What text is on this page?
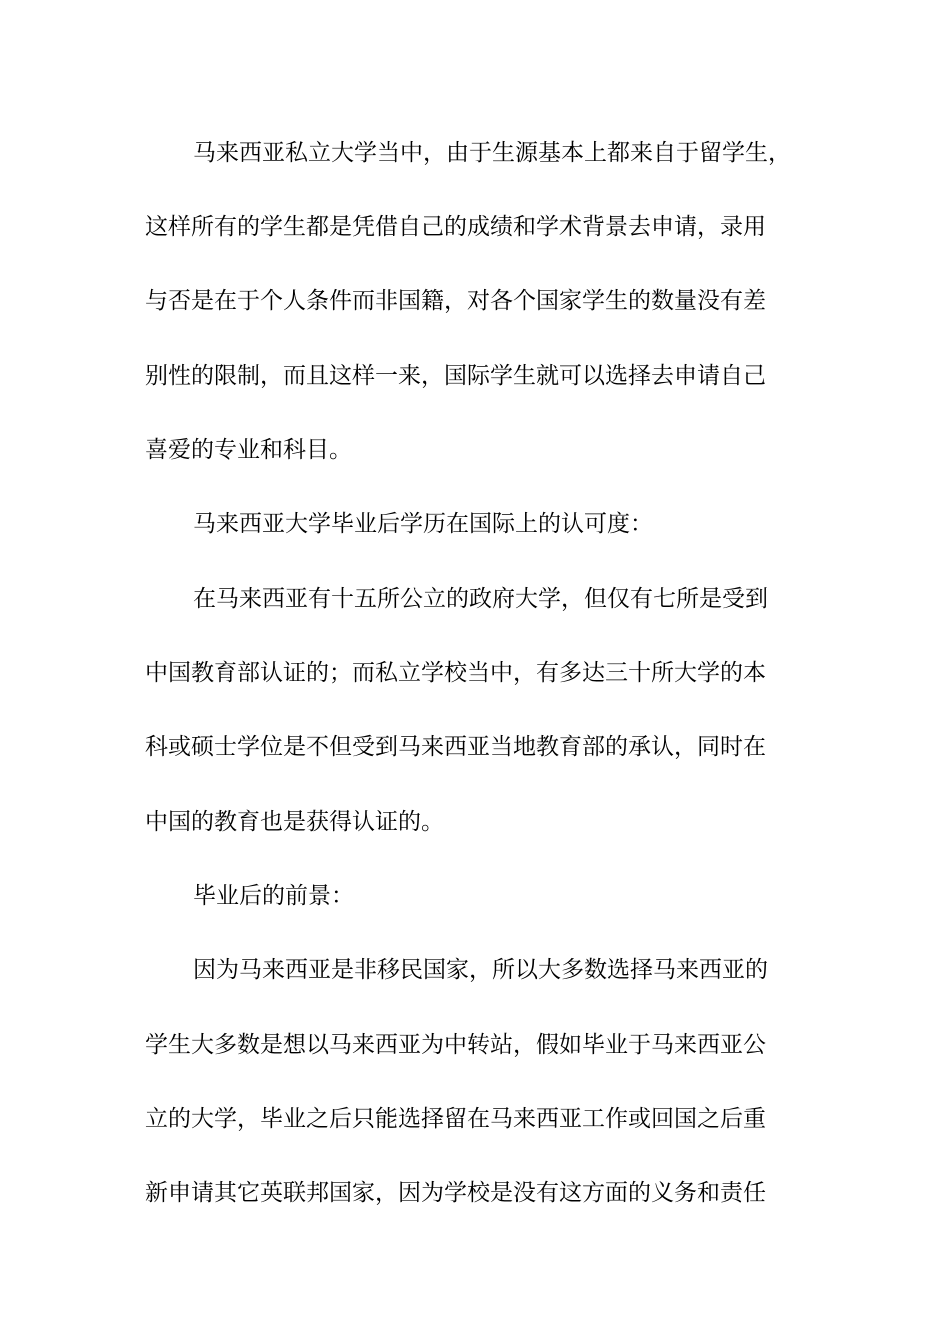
马来西亚私立大学当中，由于生源基本上都来自于留学生，
这样所有的学生都是凭借自己的成绩和学术背景去申请，录用
与否是在于个人条件而非国籍，对各个国家学生的数量没有差
别性的限制，而且这样一来，国际学生就可以选择去申请自己
喜爱的专业和科目。
马来西亚大学毕业后学历在国际上的认可度：
在马来西亚有十五所公立的政府大学，但仅有七所是受到
中国教育部认证的；而私立学校当中，有多达三十所大学的本
科或硕士学位是不但受到马来西亚当地教育部的承认，同时在
中国的教育也是获得认证的。
毕业后的前景：
因为马来西亚是非移民国家，所以大多数选择马来西亚的
学生大多数是想以马来西亚为中转站，假如毕业于马来西亚公
立的大学，毕业之后只能选择留在马来西亚工作或回国之后重
新申请其它英联邦国家，因为学校是没有这方面的义务和责任
